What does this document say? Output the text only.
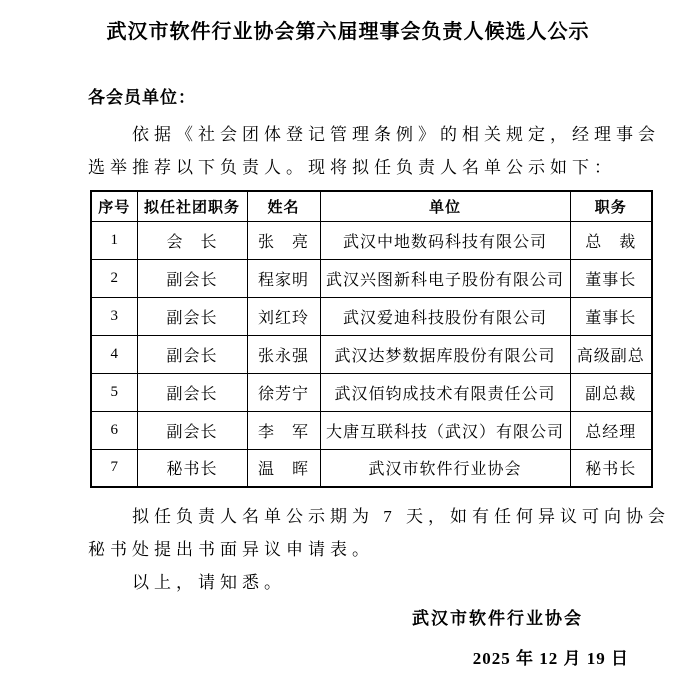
武汉市软件行业协会第六届理事会负责人候选人公示
各会员单位：
依据《社会团体登记管理条例》的相关规定，经理事会
选举推荐以下负责人。现将拟任负责人名单公示如下：
序号	拟任社团职务	姓名	单位	职务
1	会　长	张　亮	武汉中地数码科技有限公司	总　裁
2	副会长	程家明	武汉兴图新科电子股份有限公司	董事长
3	副会长	刘红玲	武汉爱迪科技股份有限公司	董事长
4	副会长	张永强	武汉达梦数据库股份有限公司	高级副总
5	副会长	徐芳宁	武汉佰钧成技术有限责任公司	副总裁
6	副会长	李　军	大唐互联科技（武汉）有限公司	总经理
7	秘书长	温　晖	武汉市软件行业协会	秘书长
拟任负责人名单公示期为 7 天，如有任何异议可向协会
秘书处提出书面异议申请表。
以上，请知悉。
武汉市软件行业协会
2025 年 12 月 19 日
